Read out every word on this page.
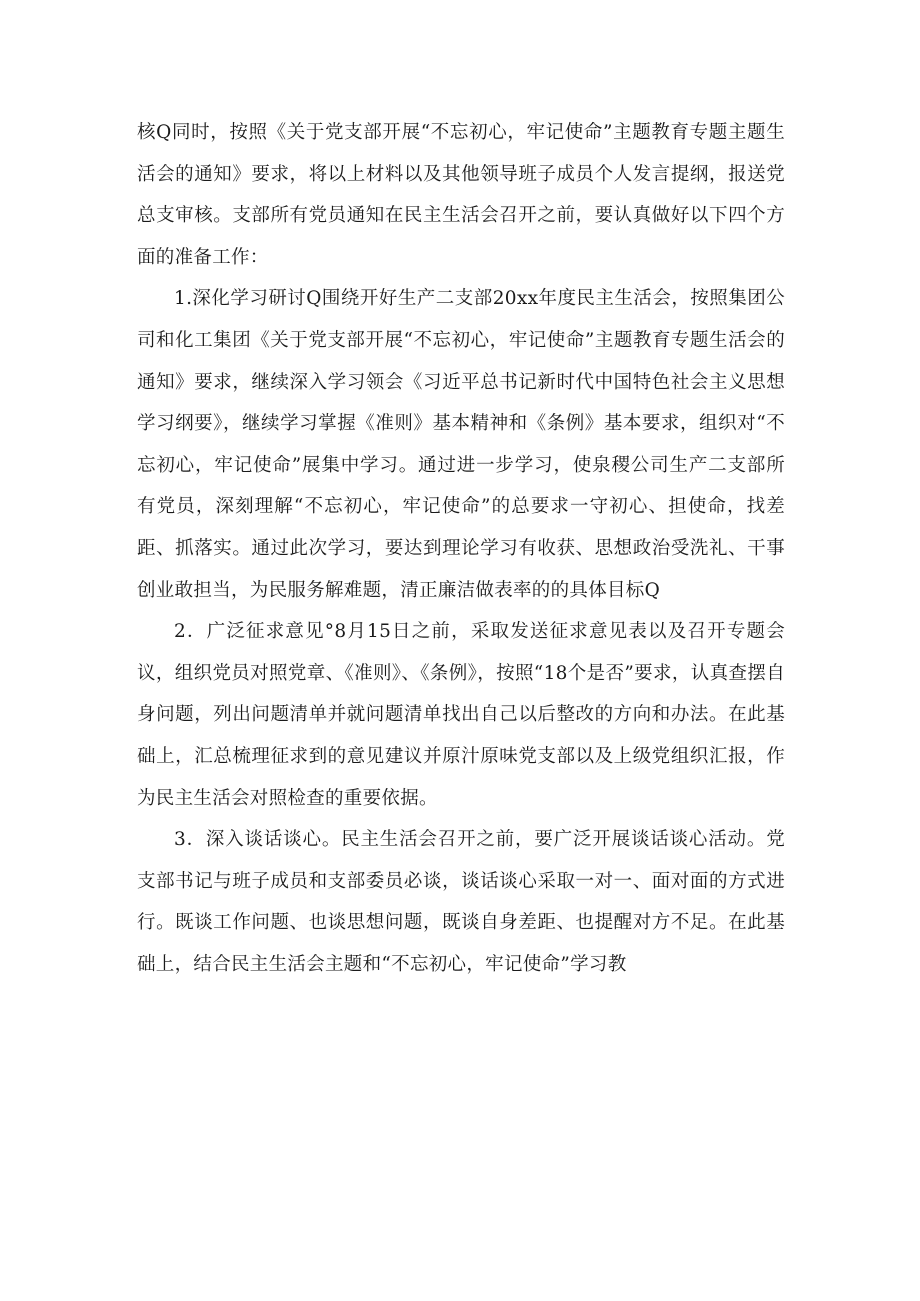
核Q同时，按照《关于党支部开展“不忘初心，牢记使命”主题教育专题主题生活会的通知》要求，将以上材料以及其他领导班子成员个人发言提纲，报送党总支审核。支部所有党员通知在民主生活会召开之前，要认真做好以下四个方面的准备工作：

1.深化学习研讨Q围绕开好生产二支部20xx年度民主生活会，按照集团公司和化工集团《关于党支部开展“不忘初心，牢记使命”主题教育专题生活会的通知》要求，继续深入学习领会《习近平总书记新时代中国特色社会主义思想学习纲要》，继续学习掌握《准则》基本精神和《条例》基本要求，组织对“不忘初心，牢记使命”展集中学习。通过进一步学习，使泉稷公司生产二支部所有党员，深刻理解“不忘初心，牢记使命”的总要求一守初心、担使命，找差距、抓落实。通过此次学习，要达到理论学习有收获、思想政治受洗礼、干事创业敢担当，为民服务解难题，清正廉洁做表率的的具体目标Q

2．广泛征求意见°8月15日之前，采取发送征求意见表以及召开专题会议，组织党员对照党章、《准则》、《条例》，按照“18个是否”要求，认真查摆自身问题，列出问题清单并就问题清单找出自己以后整改的方向和办法。在此基础上，汇总梳理征求到的意见建议并原汁原味党支部以及上级党组织汇报，作为民主生活会对照检查的重要依据。

3．深入谈话谈心。民主生活会召开之前，要广泛开展谈话谈心活动。党支部书记与班子成员和支部委员必谈，谈话谈心采取一对一、面对面的方式进行。既谈工作问题、也谈思想问题，既谈自身差距、也提醒对方不足。在此基础上，结合民主生活会主题和“不忘初心，牢记使命”学习教
